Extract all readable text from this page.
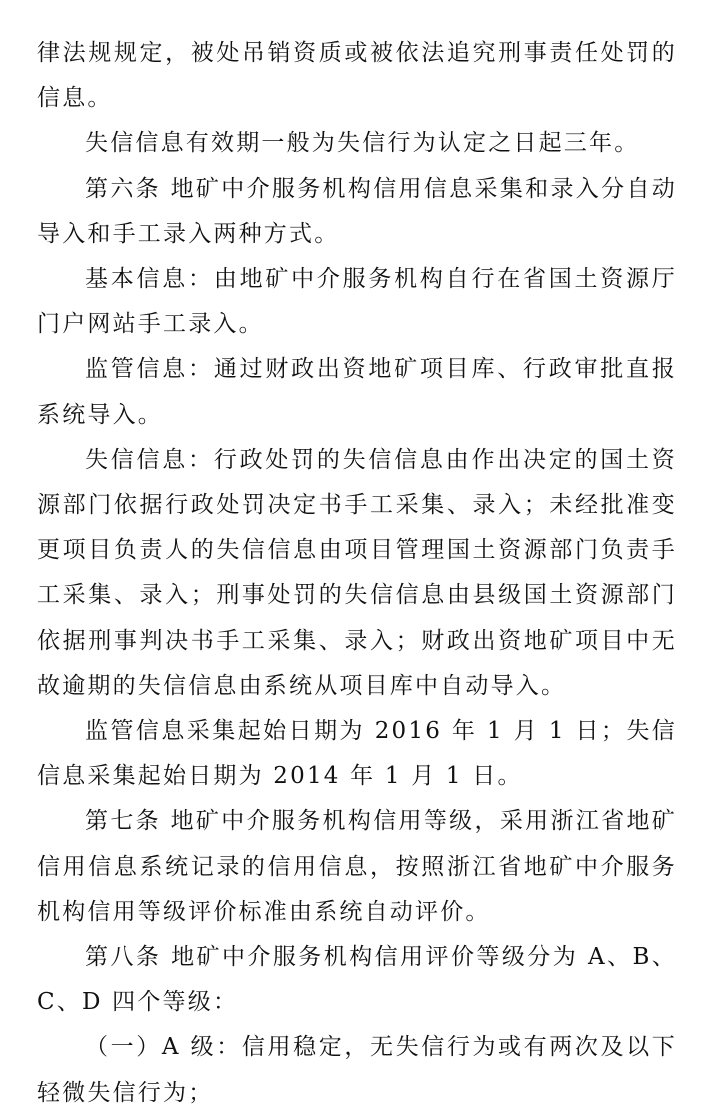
律法规规定，被处吊销资质或被依法追究刑事责任处罚的信息。

失信信息有效期一般为失信行为认定之日起三年。

第六条 地矿中介服务机构信用信息采集和录入分自动导入和手工录入两种方式。

基本信息：由地矿中介服务机构自行在省国土资源厅门户网站手工录入。

监管信息：通过财政出资地矿项目库、行政审批直报系统导入。

失信信息：行政处罚的失信信息由作出决定的国土资源部门依据行政处罚决定书手工采集、录入；未经批准变更项目负责人的失信信息由项目管理国土资源部门负责手工采集、录入；刑事处罚的失信信息由县级国土资源部门依据刑事判决书手工采集、录入；财政出资地矿项目中无故逾期的失信信息由系统从项目库中自动导入。

监管信息采集起始日期为 2016 年 1 月 1 日；失信信息采集起始日期为 2014 年 1 月 1 日。

第七条 地矿中介服务机构信用等级，采用浙江省地矿信用信息系统记录的信用信息，按照浙江省地矿中介服务机构信用等级评价标准由系统自动评价。

第八条 地矿中介服务机构信用评价等级分为 A、B、C、D 四个等级：

（一）A 级：信用稳定，无失信行为或有两次及以下轻微失信行为；
